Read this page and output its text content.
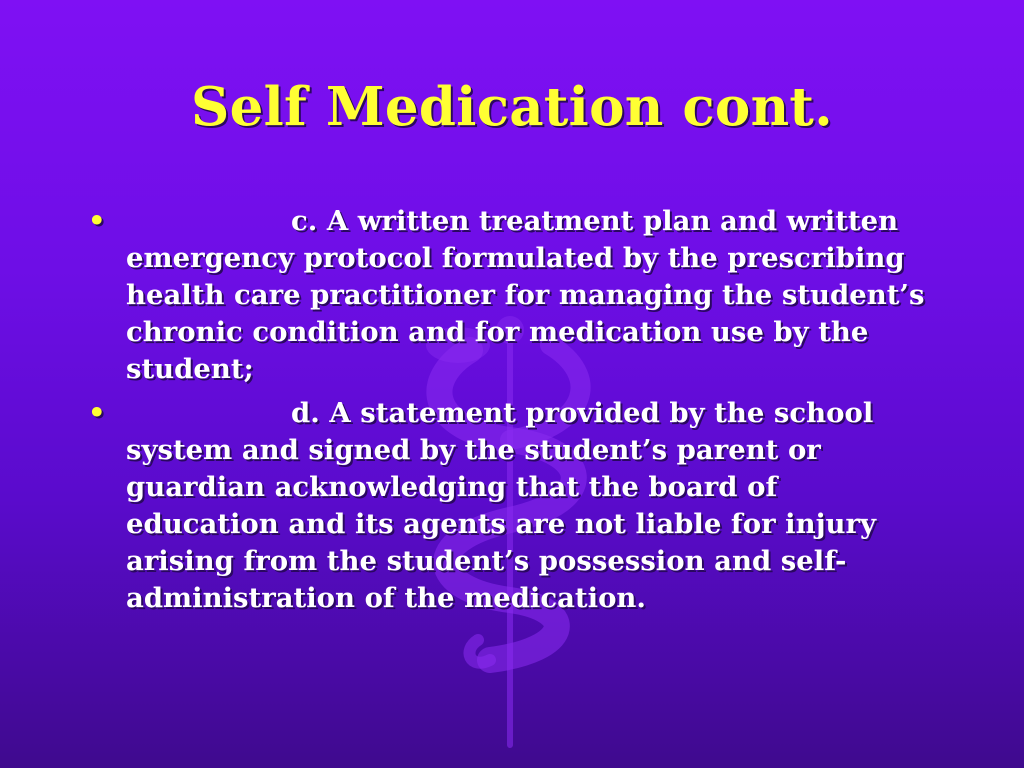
Self Medication cont.
•	c. A written treatment plan and written emergency protocol formulated by the prescribing health care practitioner for managing the student’s chronic condition and for medication use by the student;
•	d. A statement provided by the school system and signed by the student’s parent or guardian acknowledging that the board of education and its agents are not liable for injury arising from the student’s possession and self-administration of the medication.
